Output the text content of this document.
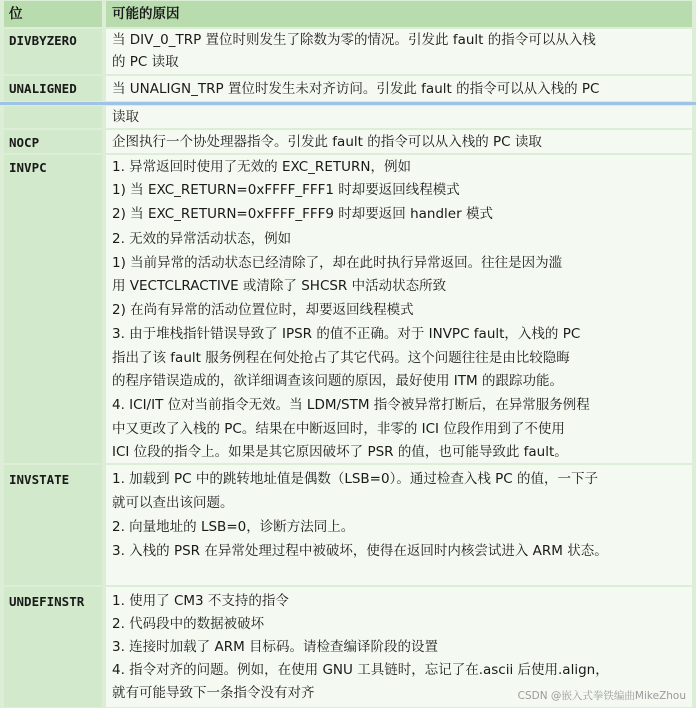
位	可能的原因
DIVBYZERO	当 DIV_0_TRP 置位时则发生了除数为零的情况。引发此 fault 的指令可以从入栈
的 PC 读取
UNALIGNED	当 UNALIGN_TRP 置位时发生未对齐访问。引发此 fault 的指令可以从入栈的 PC
读取
NOCP	企图执行一个协处理器指令。引发此 fault 的指令可以从入栈的 PC 读取
INVPC	1. 异常返回时使用了无效的 EXC_RETURN，例如
1) 当 EXC_RETURN=0xFFFF_FFF1 时却要返回线程模式
2) 当 EXC_RETURN=0xFFFF_FFF9 时却要返回 handler 模式
2. 无效的异常活动状态，例如
1) 当前异常的活动状态已经清除了，却在此时执行异常返回。往往是因为滥
用 VECTCLRACTIVE 或清除了 SHCSR 中活动状态所致
2) 在尚有异常的活动位置位时，却要返回线程模式
3. 由于堆栈指针错误导致了 IPSR 的值不正确。对于 INVPC fault，入栈的 PC
指出了该 fault 服务例程在何处抢占了其它代码。这个问题往往是由比较隐晦
的程序错误造成的，欲详细调查该问题的原因，最好使用 ITM 的跟踪功能。
4. ICI/IT 位对当前指令无效。当 LDM/STM 指令被异常打断后，在异常服务例程
中又更改了入栈的 PC。结果在中断返回时，非零的 ICI 位段作用到了不使用
ICI 位段的指令上。如果是其它原因破坏了 PSR 的值，也可能导致此 fault。
INVSTATE	1. 加载到 PC 中的跳转地址值是偶数（LSB=0）。通过检查入栈 PC 的值，一下子
就可以查出该问题。
2. 向量地址的 LSB=0，诊断方法同上。
3. 入栈的 PSR 在异常处理过程中被破坏，使得在返回时内核尝试进入 ARM 状态。
UNDEFINSTR 1. 使用了 CM3 不支持的指令
2. 代码段中的数据被破坏
3. 连接时加载了 ARM 目标码。请检查编译阶段的设置
4. 指令对齐的问题。例如，在使用 GNU 工具链时，忘记了在.ascii 后使用.align，
就有可能导致下一条指令没有对齐	CSDN @嵌入式拳铁编曲MikeZhou
